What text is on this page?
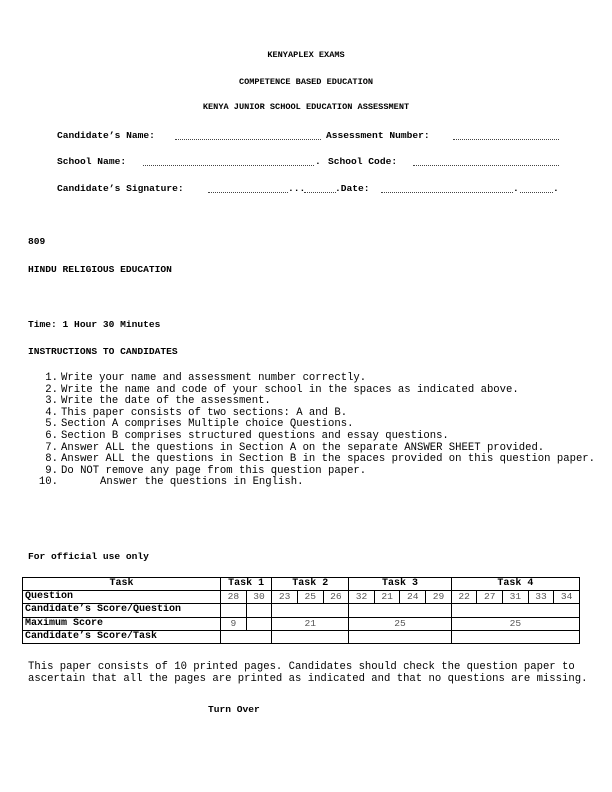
KENYAPLEX EXAMS
COMPETENCE BASED EDUCATION
KENYA JUNIOR SCHOOL EDUCATION ASSESSMENT
Candidate’s Name:	Assessment Number:
School Name:	. School Code:
Candidate’s Signature:	...	.Date:	.	.
809
HINDU RELIGIOUS EDUCATION
Time: 1 Hour 30 Minutes
INSTRUCTIONS TO CANDIDATES
1. Write your name and assessment number correctly.
2. Write the name and code of your school in the spaces as indicated above.
3. Write the date of the assessment.
4. This paper consists of two sections: A and B.
5. Section A comprises Multiple choice Questions.
6. Section B comprises structured questions and essay questions.
7. Answer ALL the questions in Section A on the separate ANSWER SHEET provided.
8. Answer ALL the questions in Section B in the spaces provided on this question paper.
9. Do NOT remove any page from this question paper.
10.	Answer the questions in English.
For official use only
Task	Task 1		Task 2			Task 3				Task 4				
Question	28	30	23	25	26	32	21	24	29	22	27	31	33	34
Candidate’s Score/Question														
Maximum Score	9		21			25				25				
Candidate’s Score/Task														
This paper consists of 10 printed pages. Candidates should check the question paper to ascertain that all the pages are printed as indicated and that no questions are missing.
Turn Over
